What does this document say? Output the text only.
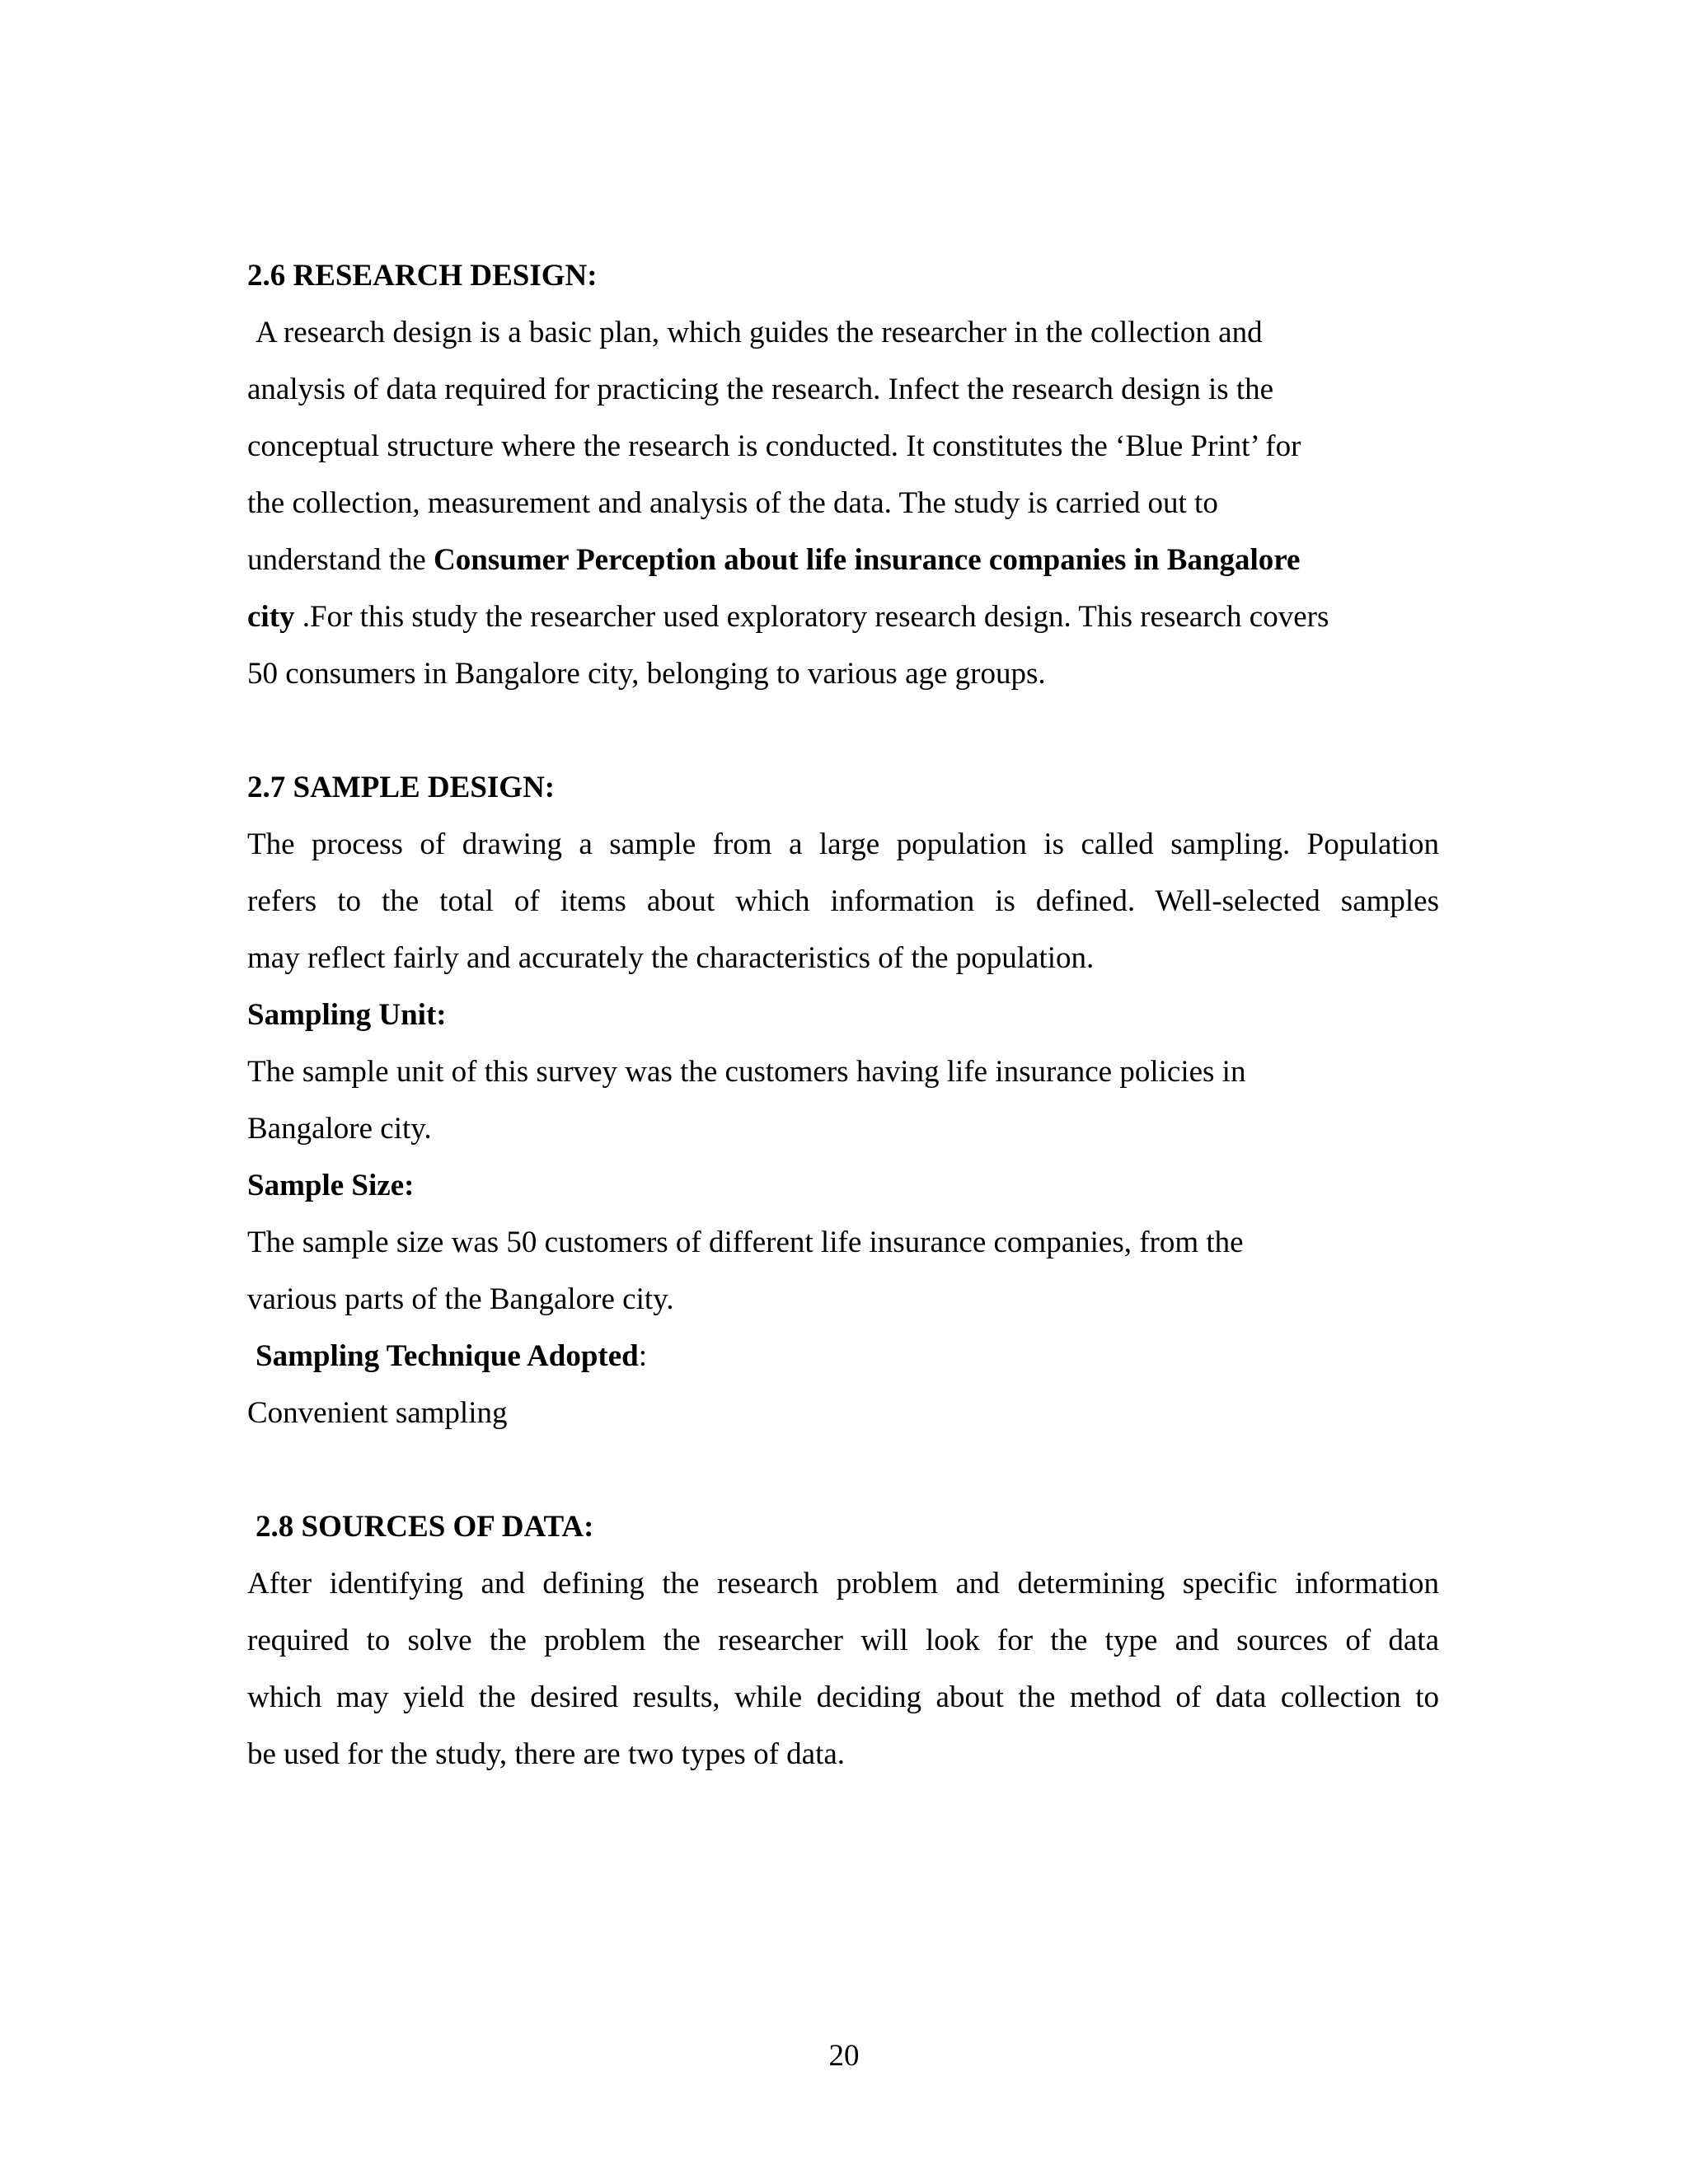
2.6 RESEARCH DESIGN:
A research design is a basic plan, which guides the researcher in the collection and
analysis of data required for practicing the research. Infect the research design is the
conceptual structure where the research is conducted. It constitutes the ‘Blue Print’ for
the collection, measurement and analysis of the data. The study is carried out to
understand the Consumer Perception about life insurance companies in Bangalore
city .For this study the researcher used exploratory research design. This research covers
50 consumers in Bangalore city, belonging to various age groups.
2.7 SAMPLE DESIGN:
The process of drawing a sample from a large population is called sampling. Population
refers to the total of items about which information is defined. Well-selected samples
may reflect fairly and accurately the characteristics of the population.
Sampling Unit:
The sample unit of this survey was the customers having life insurance policies in
Bangalore city.
Sample Size:
The sample size was 50 customers of different life insurance companies, from the
various parts of the Bangalore city.
Sampling Technique Adopted:
Convenient sampling
2.8 SOURCES OF DATA:
After identifying and defining the research problem and determining specific information
required to solve the problem the researcher will look for the type and sources of data
which may yield the desired results, while deciding about the method of data collection to
be used for the study, there are two types of data.
20
